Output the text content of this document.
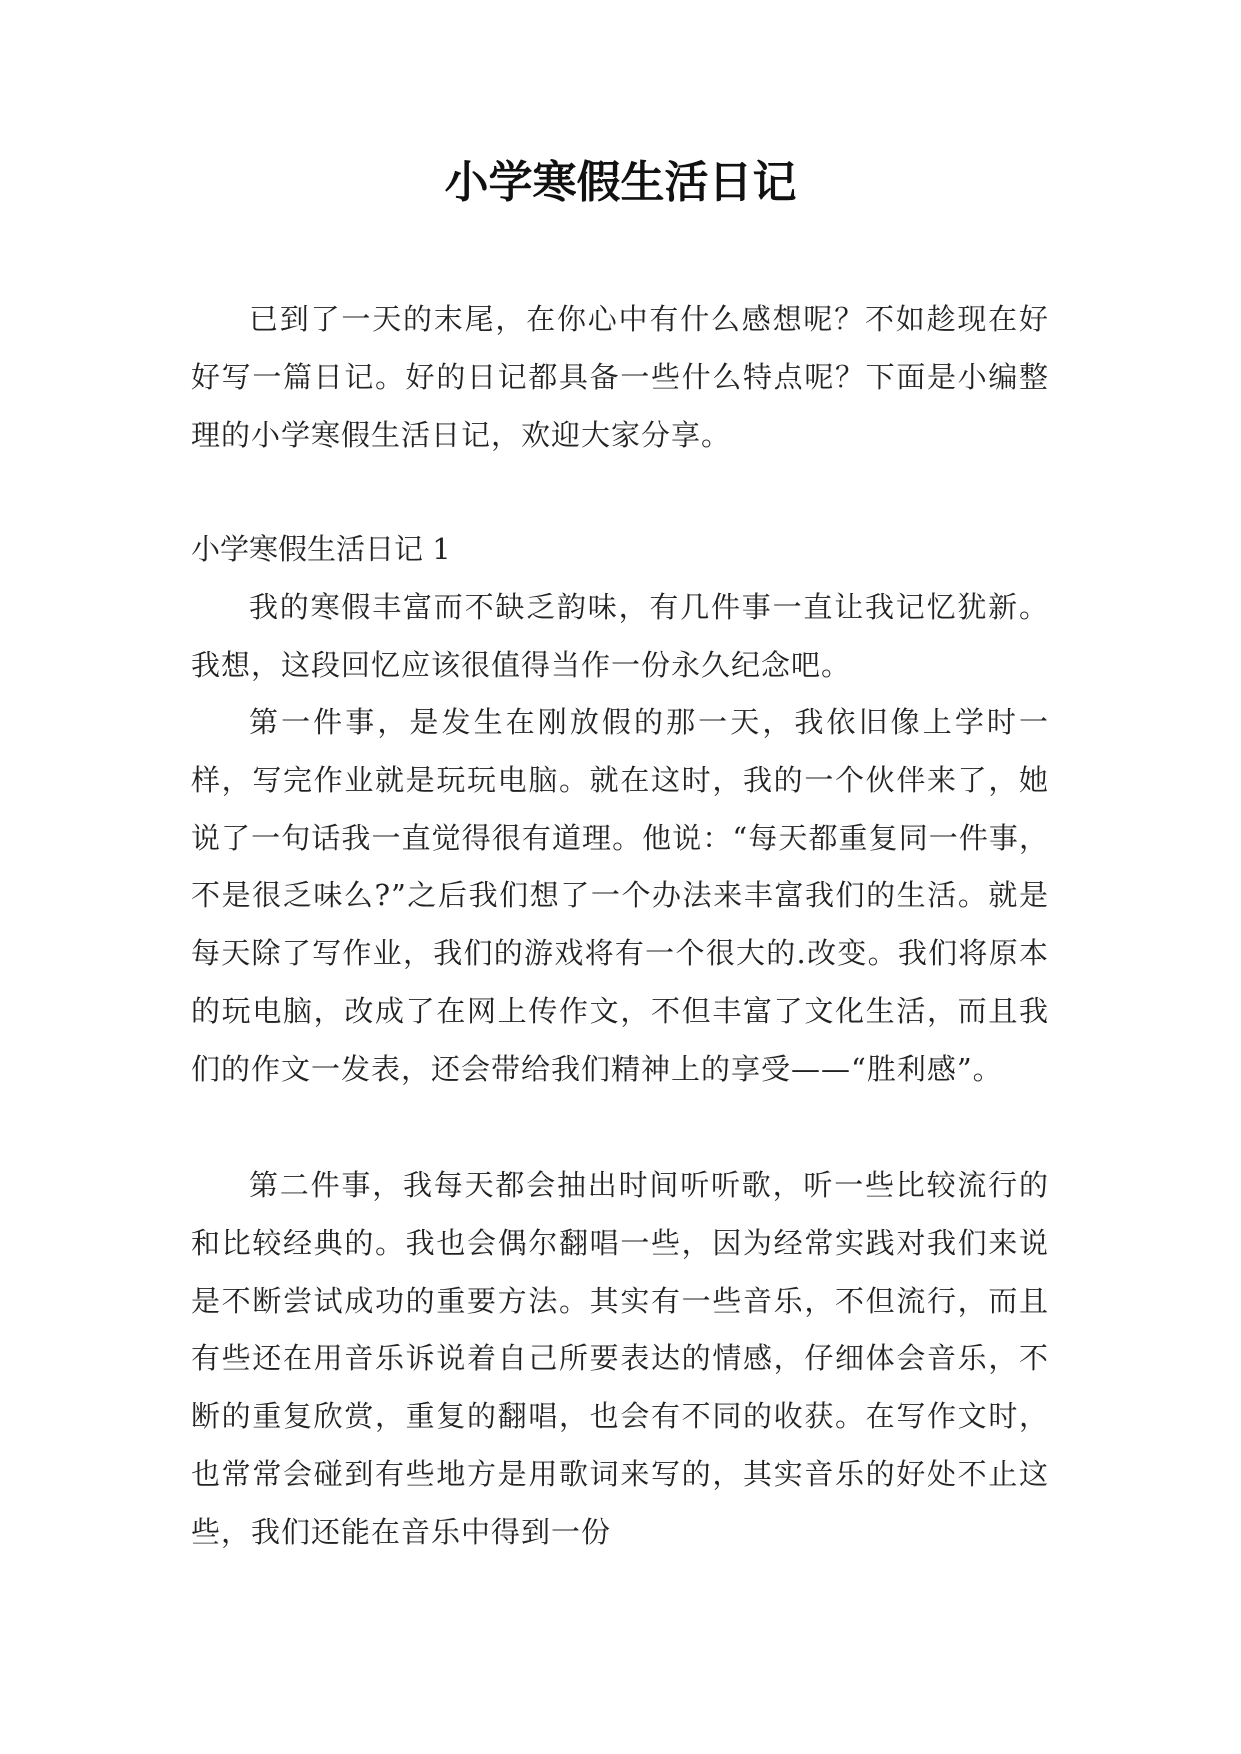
小学寒假生活日记

已到了一天的末尾，在你心中有什么感想呢？不如趁现在好好写一篇日记。好的日记都具备一些什么特点呢？下面是小编整理的小学寒假生活日记，欢迎大家分享。

小学寒假生活日记 1

我的寒假丰富而不缺乏韵味，有几件事一直让我记忆犹新。我想，这段回忆应该很值得当作一份永久纪念吧。

第一件事，是发生在刚放假的那一天，我依旧像上学时一样，写完作业就是玩玩电脑。就在这时，我的一个伙伴来了，她说了一句话我一直觉得很有道理。他说：“每天都重复同一件事，不是很乏味么?”之后我们想了一个办法来丰富我们的生活。就是每天除了写作业，我们的游戏将有一个很大的.改变。我们将原本的玩电脑，改成了在网上传作文，不但丰富了文化生活，而且我们的作文一发表，还会带给我们精神上的享受——“胜利感”。

第二件事，我每天都会抽出时间听听歌，听一些比较流行的和比较经典的。我也会偶尔翻唱一些，因为经常实践对我们来说是不断尝试成功的重要方法。其实有一些音乐，不但流行，而且有些还在用音乐诉说着自己所要表达的情感，仔细体会音乐，不断的重复欣赏，重复的翻唱，也会有不同的收获。在写作文时，也常常会碰到有些地方是用歌词来写的，其实音乐的好处不止这些，我们还能在音乐中得到一份
